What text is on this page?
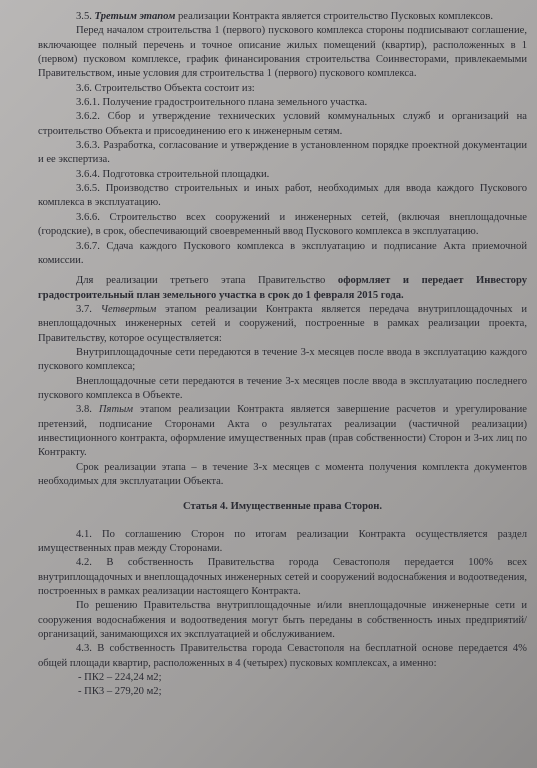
3.5. Третьим этапом реализации Контракта является строительство Пусковых комплексов.

Перед началом строительства 1 (первого) пускового комплекса стороны подписывают соглашение, включающее полный перечень и точное описание жилых помещений (квартир), расположенных в 1 (первом) пусковом комплексе, график финансирования строительства Соинвесторами, привлекаемыми Правительством, иные условия для строительства 1 (первого) пускового комплекса.

3.6. Строительство Объекта состоит из:

3.6.1. Получение градостроительного плана земельного участка.

3.6.2. Сбор и утверждение технических условий коммунальных служб и организаций на строительство Объекта и присоединению его к инженерным сетям.

3.6.3. Разработка, согласование и утверждение в установленном порядке проектной документации и ее экспертиза.

3.6.4. Подготовка строительной площадки.

3.6.5. Производство строительных и иных работ, необходимых для ввода каждого Пускового комплекса в эксплуатацию.

3.6.6. Строительство всех сооружений и инженерных сетей, (включая внеплощадочные (городские), в срок, обеспечивающий своевременный ввод Пускового комплекса в эксплуатацию.

3.6.7. Сдача каждого Пускового комплекса в эксплуатацию и подписание Акта приемочной комиссии.

Для реализации третьего этапа Правительство оформляет и передает Инвестору градостроительный план земельного участка в срок до 1 февраля 2015 года.

3.7. Четвертым этапом реализации Контракта является передача внутриплощадочных и внеплощадочных инженерных сетей и сооружений, построенные в рамках реализации проекта, Правительству, которое осуществляется:

Внутриплощадочные сети передаются в течение 3-х месяцев после ввода в эксплуатацию каждого пускового комплекса;

Внеплощадочные сети передаются в течение 3-х месяцев после ввода в эксплуатацию последнего пускового комплекса в Объекте.

3.8. Пятым этапом реализации Контракта является завершение расчетов и урегулирование претензий, подписание Сторонами Акта о результатах реализации (частичной реализации) инвестиционного контракта, оформление имущественных прав (прав собственности) Сторон и 3-их лиц по Контракту.

Срок реализации этапа – в течение 3-х месяцев с момента получения комплекта документов необходимых для эксплуатации Объекта.

Статья 4. Имущественные права Сторон.

4.1. По соглашению Сторон по итогам реализации Контракта осуществляется раздел имущественных прав между Сторонами.

4.2. В собственность Правительства города Севастополя передается 100% всех внутриплощадочных и внеплощадочных инженерных сетей и сооружений водоснабжения и водоотведения, построенных в рамках реализации настоящего Контракта.

По решению Правительства внутриплощадочные и/или внеплощадочные инженерные сети и сооружения водоснабжения и водоотведения могут быть переданы в собственность иных предприятий/организаций, занимающихся их эксплуатацией и обслуживанием.

4.3. В собственность Правительства города Севастополя на бесплатной основе передается 4% общей площади квартир, расположенных в 4 (четырех) пусковых комплексах, а именно:

- ПК2 – 224,24 м2;

- ПК3 – 279,20 м2;
